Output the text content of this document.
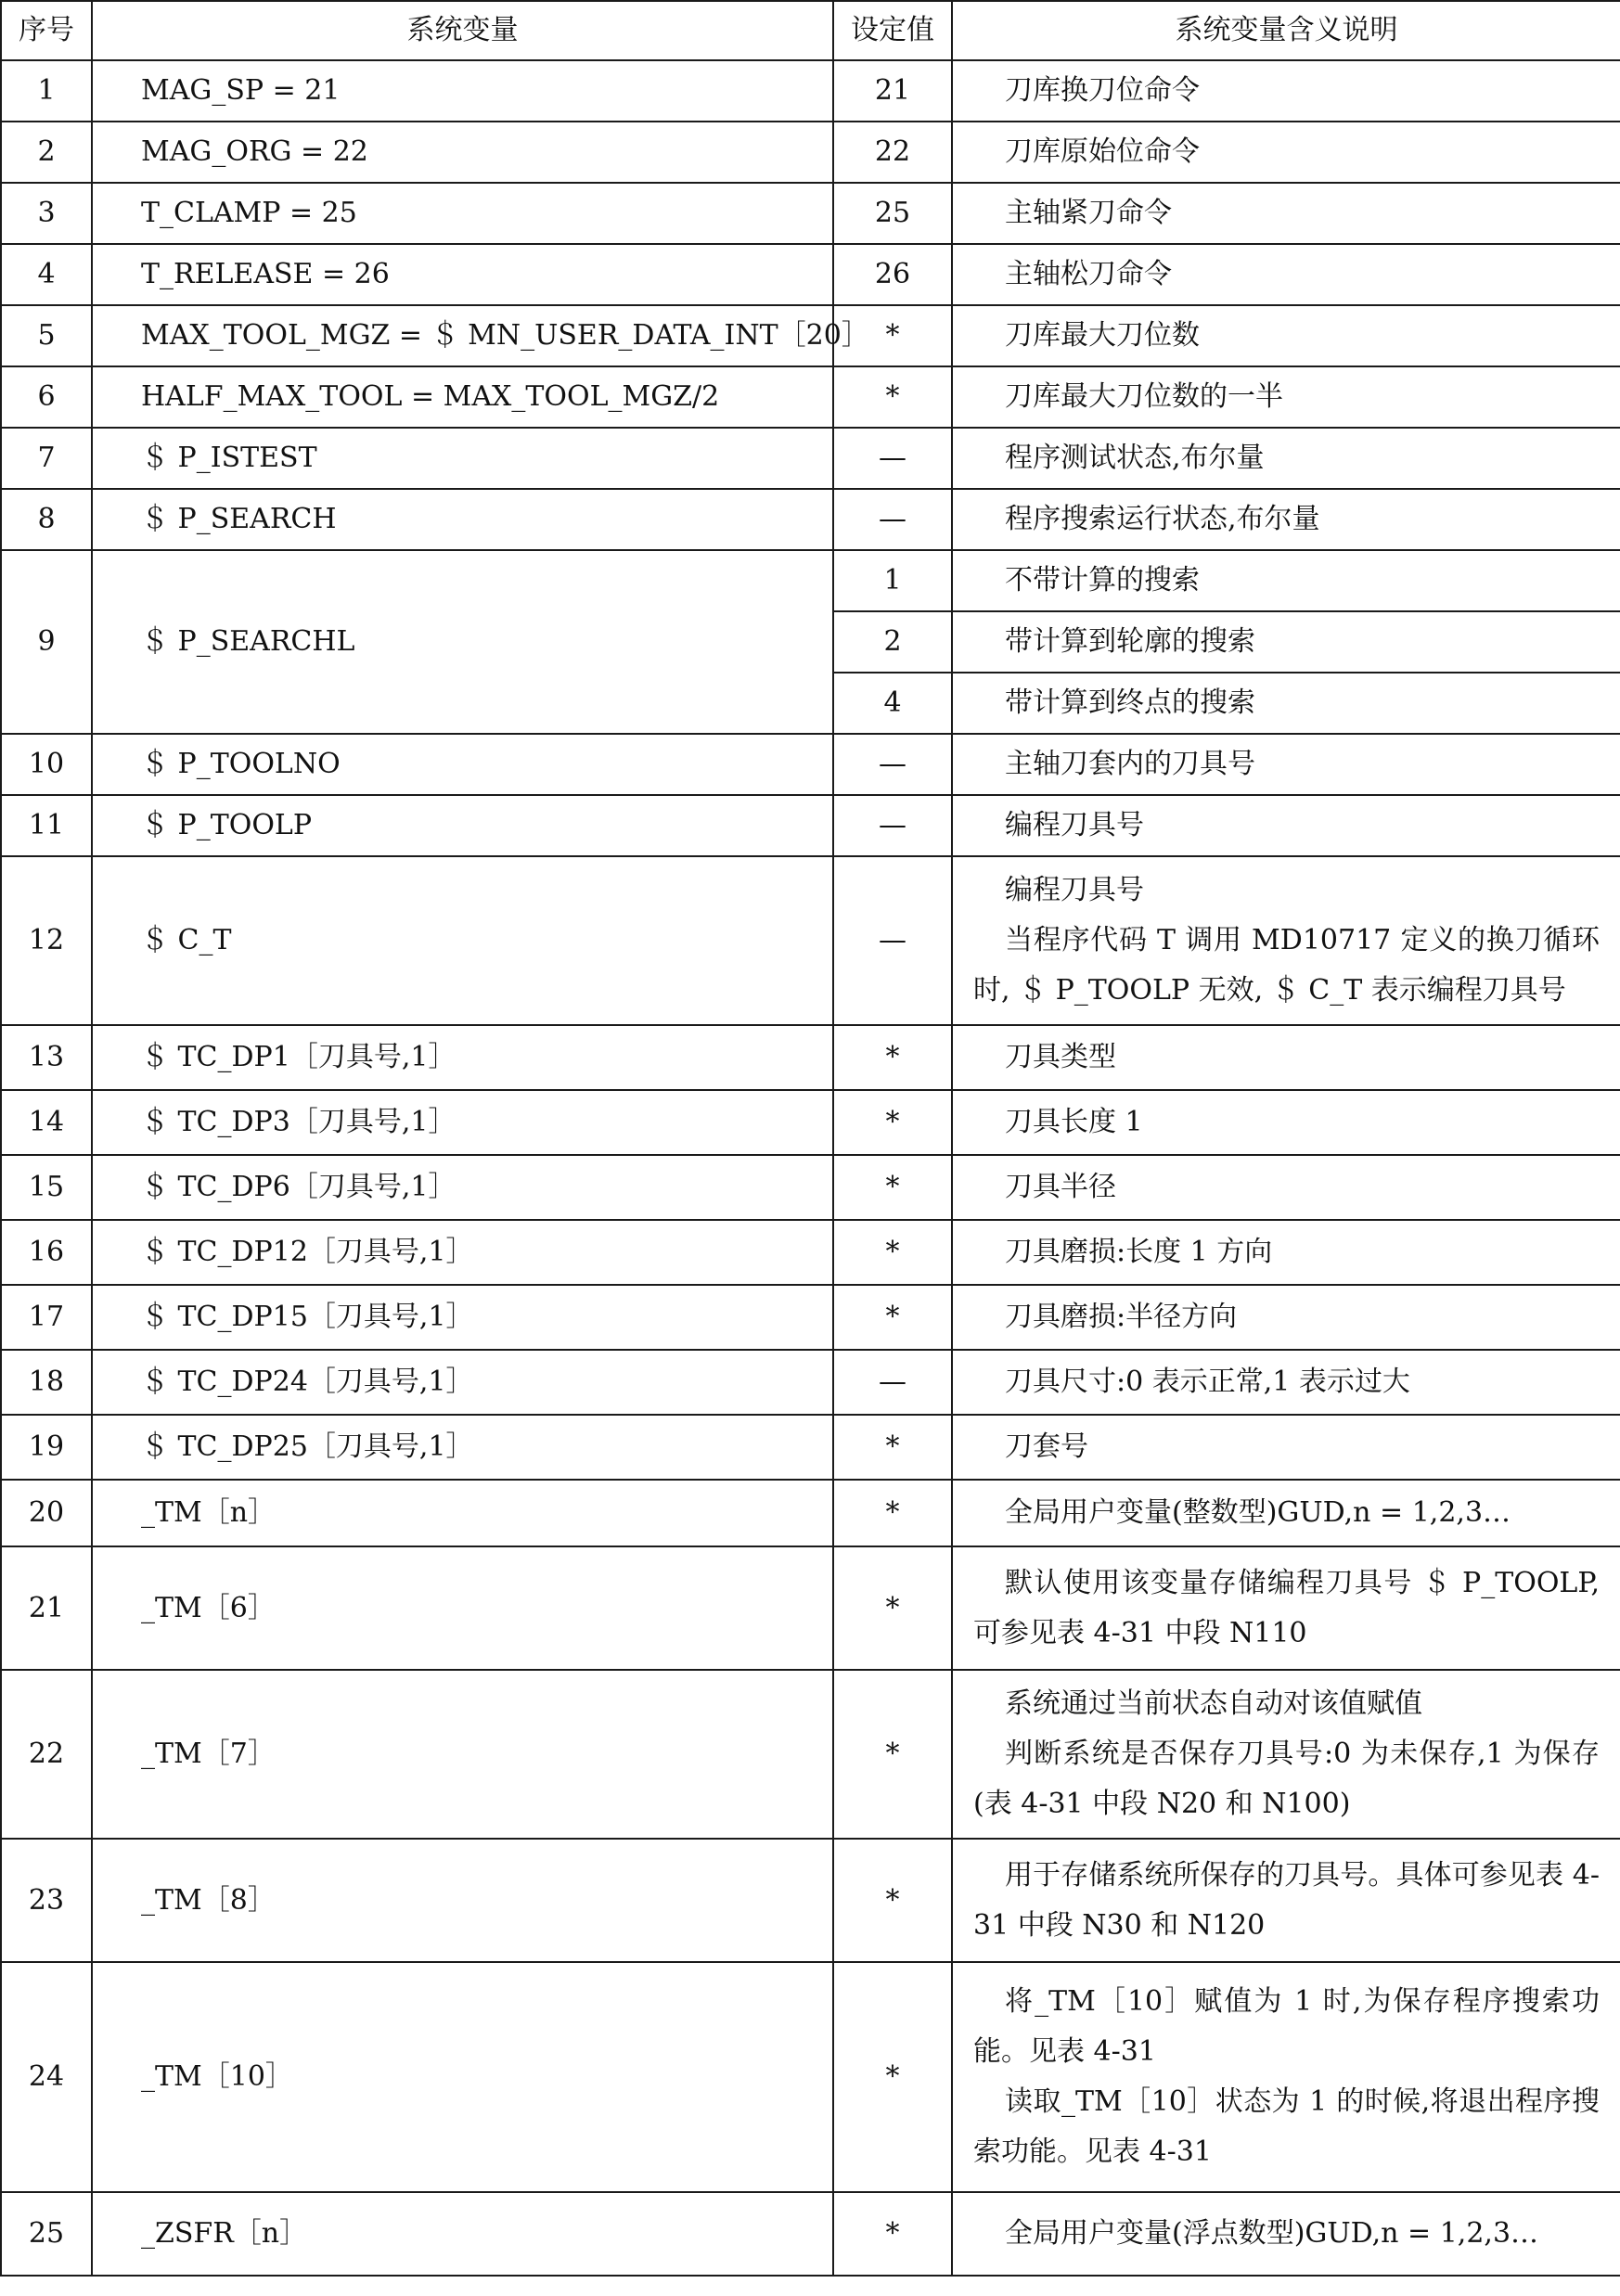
序号	系统变量	设定值	系统变量含义说明
1	MAG_SP = 21	21	刀库换刀位命令

2	MAG_ORG = 22	22	刀库原始位命令

3	T_CLAMP = 25	25	主轴紧刀命令

4	T_RELEASE = 26	26	主轴松刀命令

5	MAX_TOOL_MGZ = ＄ MN_USER_DATA_INT［20］	*	刀库最大刀位数

6	HALF_MAX_TOOL = MAX_TOOL_MGZ/2	*	刀库最大刀位数的一半

7	＄ P_ISTEST	—	程序测试状态,布尔量

8	＄ P_SEARCH	—	程序搜索运行状态,布尔量

9	＄ P_SEARCHL	1	不带计算的搜索

		2	带计算到轮廓的搜索

		4	带计算到终点的搜索

10	＄ P_TOOLNO	—	主轴刀套内的刀具号

11	＄ P_TOOLP	—	编程刀具号

12	＄ C_T	—	编程刀具号
当程序代码 T 调用 MD10717 定义的换刀循环时, ＄ P_TOOLP 无效, ＄ C_T 表示编程刀具号

13	＄ TC_DP1［刀具号,1］	*	刀具类型

14	＄ TC_DP3［刀具号,1］	*	刀具长度 1

15	＄ TC_DP6［刀具号,1］	*	刀具半径

16	＄ TC_DP12［刀具号,1］	*	刀具磨损:长度 1 方向

17	＄ TC_DP15［刀具号,1］	*	刀具磨损:半径方向

18	＄ TC_DP24［刀具号,1］	—	刀具尺寸:0 表示正常,1 表示过大

19	＄ TC_DP25［刀具号,1］	*	刀套号

20	_TM［n］	*	全局用户变量(整数型)GUD,n = 1,2,3…

21	_TM［6］	*	默认使用该变量存储编程刀具号 ＄ P_TOOLP,可参见表 4-31 中段 N110

22	_TM［7］	*	系统通过当前状态自动对该值赋值
判断系统是否保存刀具号:0 为未保存,1 为保存(表 4-31 中段 N20 和 N100)

23	_TM［8］	*	用于存储系统所保存的刀具号。具体可参见表 4-31 中段 N30 和 N120

24	_TM［10］	*	将_TM［10］赋值为 1 时,为保存程序搜索功能。见表 4-31
读取_TM［10］状态为 1 的时候,将退出程序搜索功能。见表 4-31

25	_ZSFR［n］	*	全局用户变量(浮点数型)GUD,n = 1,2,3…
